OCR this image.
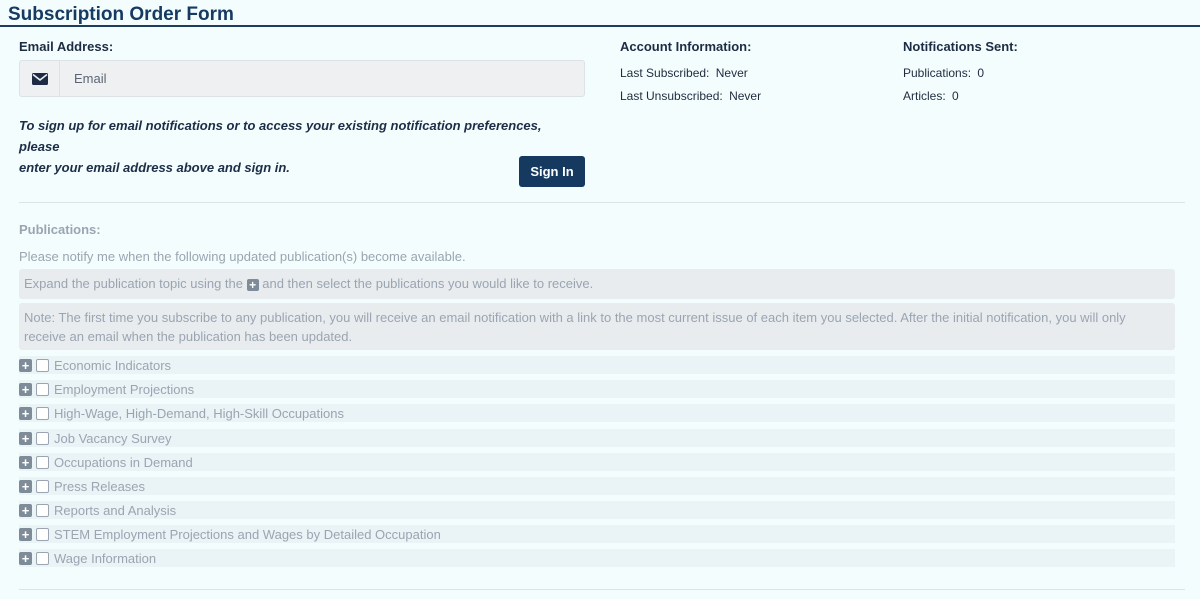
Subscription Order Form
Email Address:
Email
To sign up for email notifications or to access your existing notification preferences, please
enter your email address above and sign in.	Sign In
Account Information:
Last Subscribed: Never
Last Unsubscribed: Never
Notifications Sent:
Publications: 0
Articles: 0
Publications:
Please notify me when the following updated publication(s) become available.
Expand the publication topic using the + and then select the publications you would like to receive.
Note: The first time you subscribe to any publication, you will receive an email notification with a link to the most current issue of each item you selected. After the initial notification, you will only
receive an email when the publication has been updated.
+ Economic Indicators
+ Employment Projections
+ High-Wage, High-Demand, High-Skill Occupations
+ Job Vacancy Survey
+ Occupations in Demand
+ Press Releases
+ Reports and Analysis
+ STEM Employment Projections and Wages by Detailed Occupation
+ Wage Information
